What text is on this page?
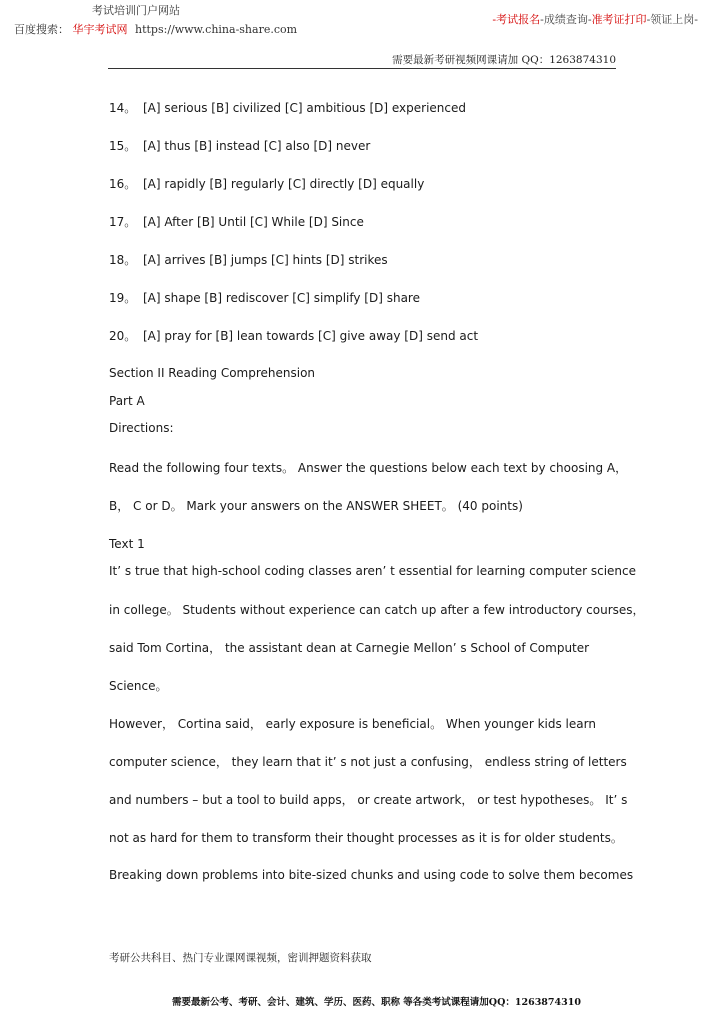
考试培训门户网站
百度搜索： 华宇考试网 https://www.china-share.com
-考试报名-成绩查询-准考证打印-领证上岗-
需要最新考研视频网课请加 QQ：1263874310
14。 [A] serious [B] civilized [C] ambitious [D] experienced
15。 [A] thus [B] instead [C] also [D] never
16。 [A] rapidly [B] regularly [C] directly [D] equally
17。 [A] After [B] Until [C] While [D] Since
18。 [A] arrives [B] jumps [C] hints [D] strikes
19。 [A] shape [B] rediscover [C] simplify [D] share
20。 [A] pray for [B] lean towards [C] give away [D] send act
Section II Reading Comprehension
Part A
Directions:
Read the following four texts。 Answer the questions below each text by choosing A，
B， C or D。 Mark your answers on the ANSWER SHEET。 (40 points)
Text 1
It’ s true that high-school coding classes aren’ t essential for learning computer science
in college。 Students without experience can catch up after a few introductory courses，
said Tom Cortina， the assistant dean at Carnegie Mellon’ s School of Computer
Science。
However， Cortina said， early exposure is beneficial。 When younger kids learn
computer science， they learn that it’ s not just a confusing， endless string of letters
and numbers – but a tool to build apps， or create artwork， or test hypotheses。 It’ s
not as hard for them to transform their thought processes as it is for older students。
Breaking down problems into bite-sized chunks and using code to solve them becomes
考研公共科目、热门专业课网课视频，密训押题资料获取
需要最新公考、考研、会计、建筑、学历、医药、职称 等各类考试课程请加QQ：1263874310
